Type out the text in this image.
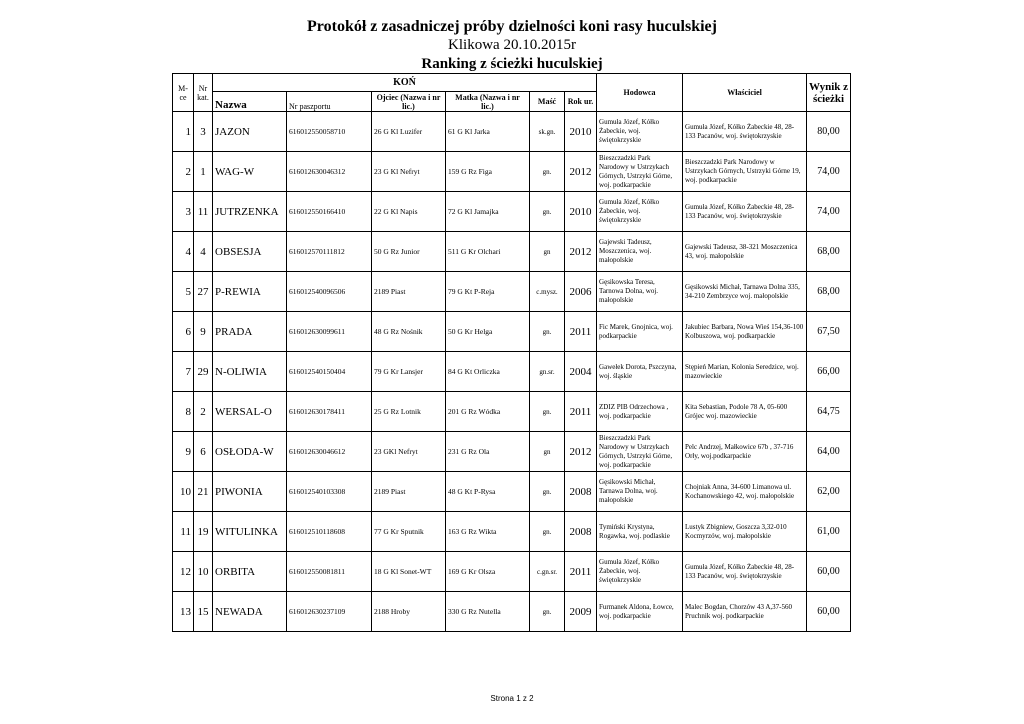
Protokół z zasadniczej próby dzielności koni rasy huculskiej
Klikowa 20.10.2015r
Ranking z ścieżki huculskiej
M-ce	Nr kat.	KOŃ						Hodowca	Właściciel	Wynik z ścieżki
		Nazwa	Nr paszportu	Ojciec (Nazwa i nr lic.)	Matka (Nazwa i nr lic.)	Maść	Rok ur.			
1	3	JAZON	616012550058710	26 G Kl Luzifer	61 G Kl Jarka	sk.gn.	2010	Gumuła Józef, Kółko Żabeckie, woj. świętokrzyskie	Gumuła Józef, Kółko Żabeckie 48, 28-133 Pacanów, woj. świętokrzyskie	80,00
2	1	WAG-W	616012630046312	23 G Kl Nefryt	159 G Rz Figa	gn.	2012	Bieszczadzki Park Narodowy w Ustrzykach Górnych, Ustrzyki Górne, woj. podkarpackie	Bieszczadzki Park Narodowy w Ustrzykach Górnych, Ustrzyki Górne 19, woj. podkarpackie	74,00
3	11	JUTRZENKA	616012550166410	22 G Kl Napis	72 G Kl Jamajka	gn.	2010	Gumuła Józef, Kółko Żabeckie, woj. świętokrzyskie	Gumuła Józef, Kółko Żabeckie 48, 28-133 Pacanów, woj. świętokrzyskie	74,00
4	4	OBSESJA	616012570111812	50 G Rz Junior	511 G Kr Olchari	gn	2012	Gajewski Tadeusz, Moszczenica, woj. małopolskie	Gajewski Tadeusz, 38-321 Moszczenica 43, woj. małopolskie	68,00
5	27	P-REWIA	616012540096506	2189 Piast	79 G Kt P-Reja	c.mysz.	2006	Gęsikowska Teresa, Tarnowa Dolna, woj. małopolskie	Gęsikowski Michał, Tarnawa Dolna 335, 34-210 Zembrzyce woj. małopolskie	68,00
6	9	PRADA	616012630099611	48 G Rz Nośnik	50 G Kr Helga	gn.	2011	Fic Marek, Gnojnica, woj. podkarpackie	Jakubiec Barbara, Nowa Wieś 154,36-100 Kolbuszowa, woj. podkarpackie	67,50
7	29	N-OLIWIA	616012540150404	79 G Kr Lansjer	84 G Kt Orliczka	gn.sr.	2004	Gawełek Dorota, Pszczyna, woj. śląskie	Stępień Marian, Kolonia Seredzice, woj. mazowieckie	66,00
8	2	WERSAL-O	616012630178411	25 G Rz Lotnik	201 G Rz Wódka	gn.	2011	ZDIZ PIB Odrzechowa , woj. podkarpackie	Kita Sebastian, Podole 78 A, 05-600 Grójec woj. mazowieckie	64,75
9	6	OSŁODA-W	616012630046612	23 GKl Nefryt	231 G Rz Ola	gn	2012	Bieszczadzki Park Narodowy w Ustrzykach Górnych, Ustrzyki Górne, woj. podkarpackie	Pelc Andrzej, Małkowice 67b , 37-716 Orły, woj.podkarpackie	64,00
10	21	PIWONIA	616012540103308	2189 Piast	48 G Kt P-Rysa	gn.	2008	Gęsikowski Michał, Tarnawa Dolna, woj. małopolskie	Chojniak Anna, 34-600 Limanowa ul. Kochanowskiego 42, woj. małopolskie	62,00
11	19	WITULINKA	616012510118608	77 G Kr Sputnik	163 G Rz Wikta	gn.	2008	Tymiński Krystyna, Rogawka, woj. podlaskie	Lustyk Zbigniew, Goszcza 3,32-010 Kocmyrzów, woj. małopolskie	61,00
12	10	ORBITA	616012550081811	18 G Kl Sonet-WT	169 G Kr Olsza	c.gn.sr.	2011	Gumuła Józef, Kółko Żabeckie, woj. świętokrzyskie	Gumuła Józef, Kółko Żabeckie 48, 28-133 Pacanów, woj. świętokrzyskie	60,00
13	15	NEWADA	616012630237109	2188 Hroby	330 G Rz Nutella	gn.	2009	Furmanek Aldona, Łowce, woj. podkarpackie	Malec Bogdan, Chorzów 43 A,37-560 Pruchnik woj. podkarpackie	60,00
Strona 1 z 2
